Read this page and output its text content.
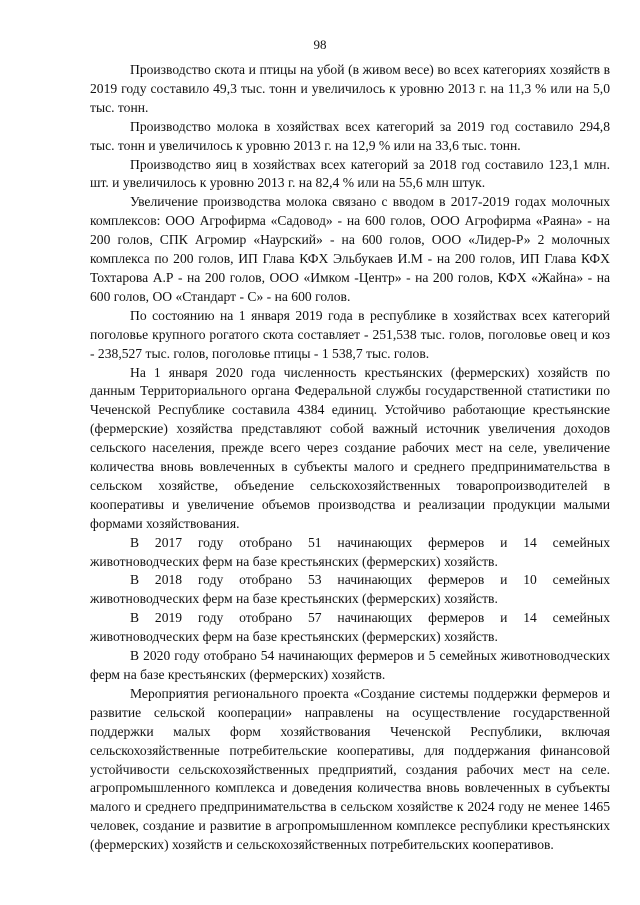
98

Производство скота и птицы на убой (в живом весе) во всех категориях хозяйств в 2019 году составило 49,3 тыс. тонн и увеличилось к уровню 2013 г. на 11,3 % или на 5,0 тыс. тонн.

Производство молока в хозяйствах всех категорий за 2019 год составило 294,8 тыс. тонн и увеличилось к уровню 2013 г. на 12,9 % или на 33,6 тыс. тонн.

Производство яиц в хозяйствах всех категорий за 2018 год составило 123,1 млн. шт. и увеличилось к уровню 2013 г. на 82,4 % или на 55,6 млн штук.

Увеличение производства молока связано с вводом в 2017-2019 годах молочных комплексов: ООО Агрофирма «Садовод» - на 600 голов, ООО Агрофирма «Раяна» - на 200 голов, СПК Агромир «Наурский» - на 600 голов, ООО «Лидер-Р» 2 молочных комплекса по 200 голов, ИП Глава КФХ Эльбукаев И.М - на 200 голов, ИП Глава КФХ Тохтарова А.Р - на 200 голов, ООО «Имком -Центр» - на 200 голов, КФХ «Жайна» - на 600 голов, ОО «Стандарт - С» - на 600 голов.

По состоянию на 1 января 2019 года в республике в хозяйствах всех категорий поголовье крупного рогатого скота составляет - 251,538 тыс. голов, поголовье овец и коз - 238,527 тыс. голов, поголовье птицы - 1 538,7 тыс. голов.

На 1 января 2020 года численность крестьянских (фермерских) хозяйств по данным Территориального органа Федеральной службы государственной статистики по Чеченской Республике составила 4384 единиц. Устойчиво работающие крестьянские (фермерские) хозяйства представляют собой важный источник увеличения доходов сельского населения, прежде всего через создание рабочих мест на селе, увеличение количества вновь вовлеченных в субъекты малого и среднего предпринимательства в сельском хозяйстве, объедение сельскохозяйственных товаропроизводителей в кооперативы и увеличение объемов производства и реализации продукции малыми формами хозяйствования.

В 2017 году отобрано 51 начинающих фермеров и 14 семейных животноводческих ферм на базе крестьянских (фермерских) хозяйств.

В 2018 году отобрано 53 начинающих фермеров и 10 семейных животноводческих ферм на базе крестьянских (фермерских) хозяйств.

В 2019 году отобрано 57 начинающих фермеров и 14 семейных животноводческих ферм на базе крестьянских (фермерских) хозяйств.

В 2020 году отобрано 54 начинающих фермеров и 5 семейных животноводческих ферм на базе крестьянских (фермерских) хозяйств.

Мероприятия регионального проекта «Создание системы поддержки фермеров и развитие сельской кооперации» направлены на осуществление государственной поддержки малых форм хозяйствования Чеченской Республики, включая сельскохозяйственные потребительские кооперативы, для поддержания финансовой устойчивости сельскохозяйственных предприятий, создания рабочих мест на селе. агропромышленного комплекса и доведения количества вновь вовлеченных в субъекты малого и среднего предпринимательства в сельском хозяйстве к 2024 году не менее 1465 человек, создание и развитие в агропромышленном комплексе республики крестьянских (фермерских) хозяйств и сельскохозяйственных потребительских кооперативов.
